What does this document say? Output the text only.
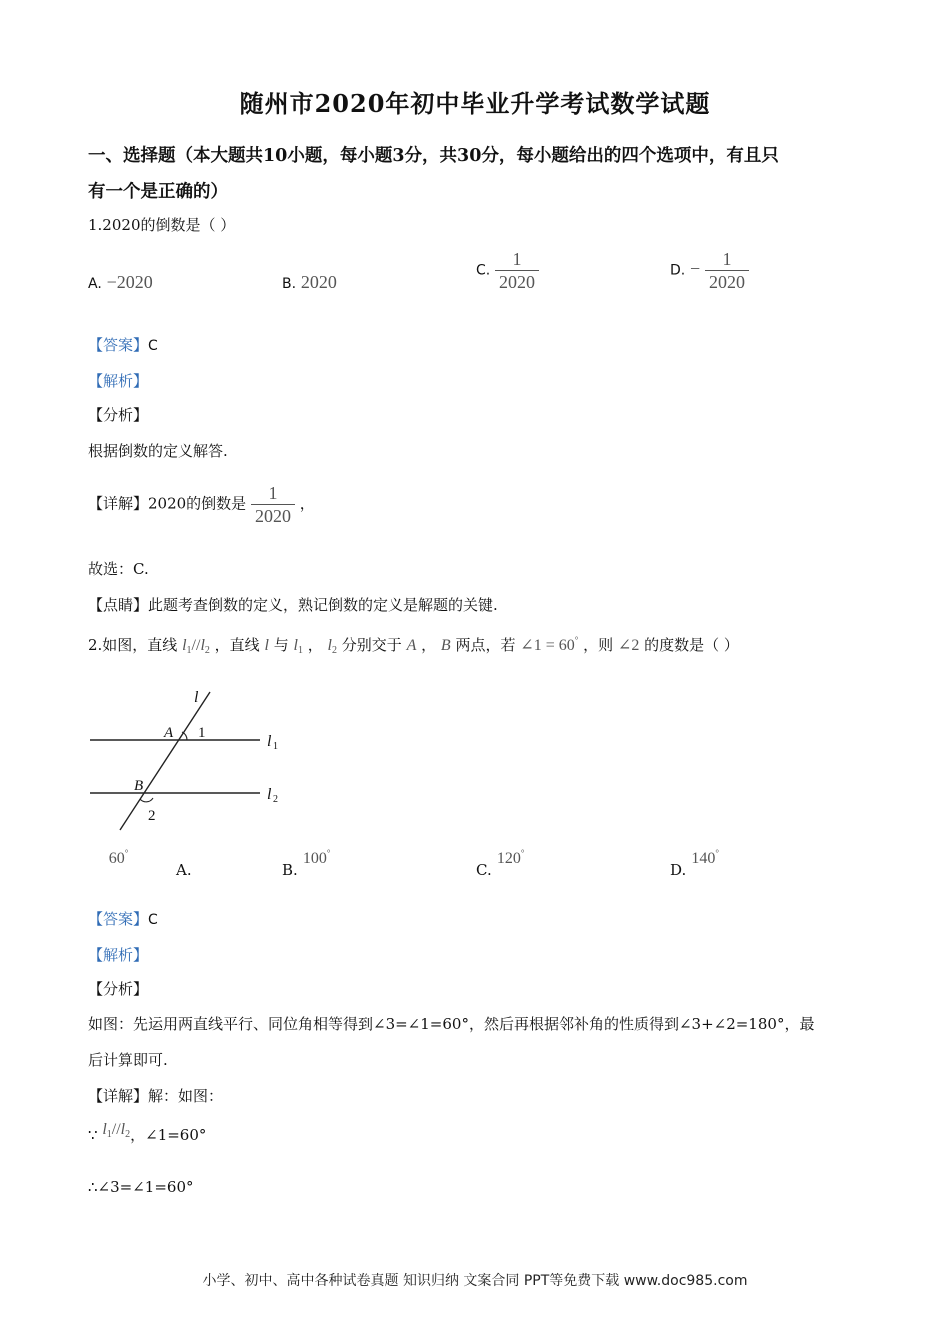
随州市2020年初中毕业升学考试数学试题
一、选择题（本大题共10小题，每小题3分，共30分，每小题给出的四个选项中，有且只
有一个是正确的）
1.2020的倒数是（ ）
A. −2020	B. 2020
C. $\frac{1}{2020}$	D. − $\frac{1}{2020}$
【答案】C
【解析】
【分析】
根据倒数的定义解答.
【详解】2020的倒数是 $\frac{1}{2020}$ ，
故选：C.
【点睛】此题考查倒数的定义，熟记倒数的定义是解题的关键.
2.如图，直线 $l_1//l_2$ ，直线 l 与 $l_1$ ， $l_2$ 分别交于 A ， B 两点，若 ∠1 = 60° ，则 ∠2 的度数是（ ）
l
A 1	l 1
B
2
l 2
A. 60°
B. 100°
C. 120°
D. 140°
【答案】C
【解析】
【分析】
如图：先运用两直线平行、同位角相等得到∠3=∠1=60°，然后再根据邻补角的性质得到∠3+∠2=180°，最
后计算即可.
【详解】解：如图：
∵ $l_1//l_2$，∠1=60°
∴∠3=∠1=60°
小学、初中、高中各种试卷真题 知识归纳 文案合同 PPT等免费下载 www.doc985.com
